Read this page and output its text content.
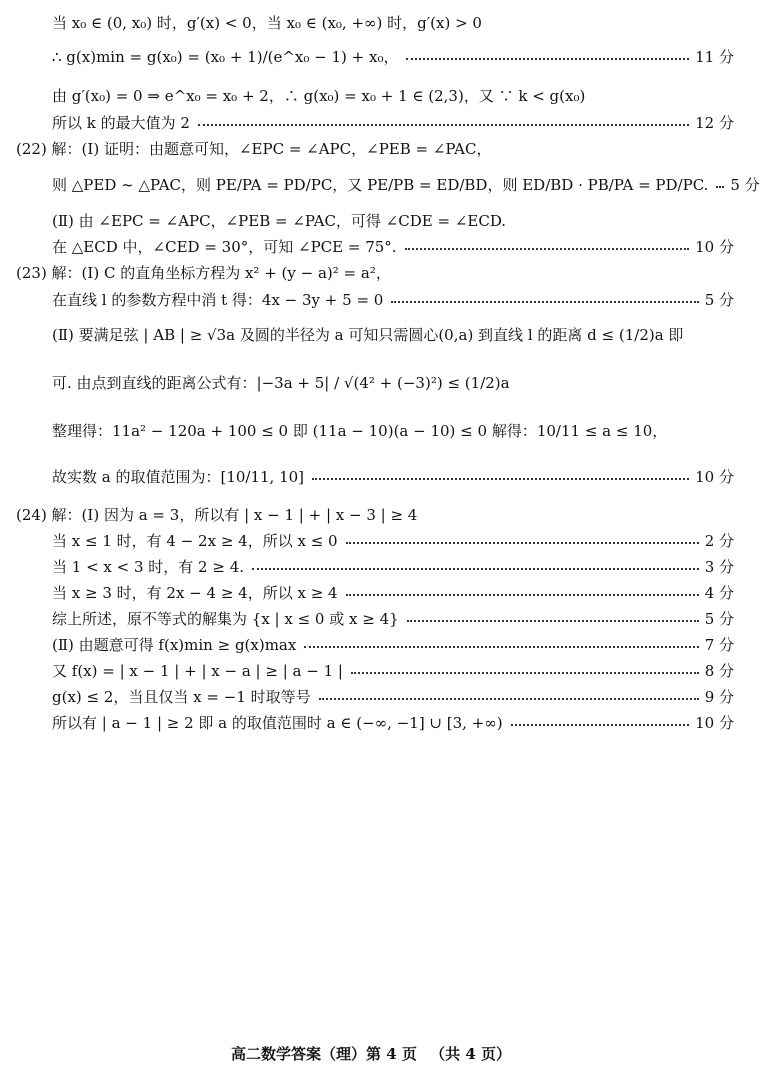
当 x₀ ∈ (0, x₀) 时，g′(x) < 0，当 x₀ ∈ (x₀, +∞) 时，g′(x) > 0
∴ g(x)min = g(x₀) = (x₀ + 1)/(e^x₀ − 1) + x₀，	11 分
由 g′(x₀) = 0 ⇒ e^x₀ = x₀ + 2，∴ g(x₀) = x₀ + 1 ∈ (2,3)，又 ∵ k < g(x₀)
所以 k 的最大值为 2	12 分
(22) 解：(Ⅰ) 证明：由题意可知，∠EPC = ∠APC，∠PEB = ∠PAC，
则 △PED ∼ △PAC，则 PE/PA = PD/PC，又 PE/PB = ED/BD，则 ED/BD · PB/PA = PD/PC. 5 分
(Ⅱ) 由 ∠EPC = ∠APC，∠PEB = ∠PAC，可得 ∠CDE = ∠ECD.
在 △ECD 中，∠CED = 30°，可知 ∠PCE = 75°.	10 分
(23) 解：(Ⅰ) C 的直角坐标方程为 x² + (y − a)² = a²，
在直线 l 的参数方程中消 t 得：4x − 3y + 5 = 0	5 分
(Ⅱ) 要满足弦 | AB | ≥ √3a 及圆的半径为 a 可知只需圆心(0,a) 到直线 l 的距离 d ≤ (1/2)a 即
可. 由点到直线的距离公式有：|−3a + 5| / √(4² + (−3)²) ≤ (1/2)a
整理得：11a² − 120a + 100 ≤ 0 即 (11a − 10)(a − 10) ≤ 0 解得：10/11 ≤ a ≤ 10，
故实数 a 的取值范围为：[10/11, 10]	10 分
(24) 解：(Ⅰ) 因为 a = 3，所以有 | x − 1 | + | x − 3 | ≥ 4
当 x ≤ 1 时，有 4 − 2x ≥ 4，所以 x ≤ 0	2 分
当 1 < x < 3 时，有 2 ≥ 4.	3 分
当 x ≥ 3 时，有 2x − 4 ≥ 4，所以 x ≥ 4	4 分
综上所述，原不等式的解集为 {x | x ≤ 0 或 x ≥ 4}	5 分
(Ⅱ) 由题意可得 f(x)min ≥ g(x)max	7 分
又 f(x) = | x − 1 | + | x − a | ≥ | a − 1 |	8 分
g(x) ≤ 2，当且仅当 x = −1 时取等号	9 分
所以有 | a − 1 | ≥ 2 即 a 的取值范围时 a ∈ (−∞, −1] ∪ [3, +∞)	10 分
高二数学答案（理）第 4 页 （共 4 页）
